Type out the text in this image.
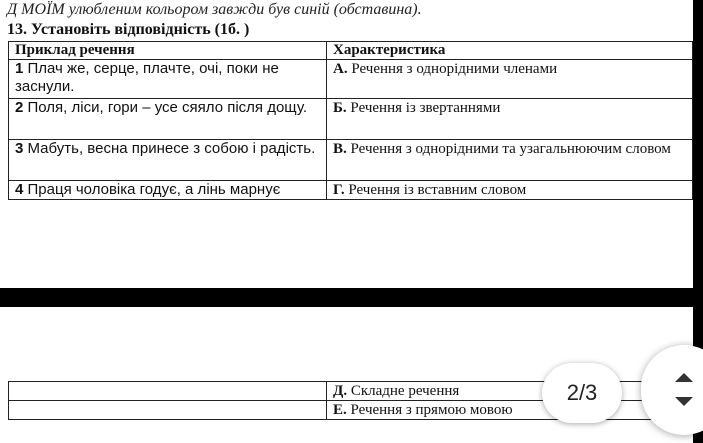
Д МОЇМ улюбленим кольором завжди був синій (обставина).
13. Установіть відповідність (1б. )
Приклад речення	Характеристика
1 Плач же, серце, плачте, очі, поки не заснули.	А. Речення з однорідними членами
2 Поля, ліси, гори – усе сяяло після дощу.	Б. Речення із звертаннями
3 Мабуть, весна принесе з собою і радість.	В. Речення з однорідними та узагальнюючим словом
4 Праця чоловіка годує, а лінь марнує	Г. Речення із вставним словом
	Д. Складне речення
	Е. Речення з прямою мовою
2/3
